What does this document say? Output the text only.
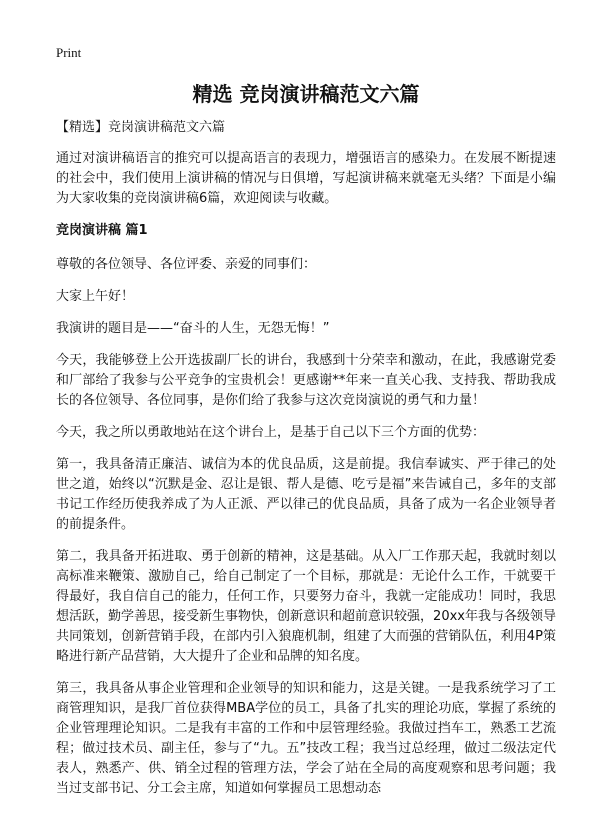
Print
精选 竞岗演讲稿范文六篇
【精选】竞岗演讲稿范文六篇

通过对演讲稿语言的推究可以提高语言的表现力，增强语言的感染力。在发展不断提速的社会中，我们使用上演讲稿的情况与日俱增，写起演讲稿来就毫无头绪？下面是小编为大家收集的竞岗演讲稿6篇，欢迎阅读与收藏。

竞岗演讲稿 篇1

尊敬的各位领导、各位评委、亲爱的同事们：

大家上午好！

我演讲的题目是——“奋斗的人生，无怨无悔！”

今天，我能够登上公开选拔副厂长的讲台，我感到十分荣幸和激动，在此，我感谢党委和厂部给了我参与公平竞争的宝贵机会！更感谢**年来一直关心我、支持我、帮助我成长的各位领导、各位同事，是你们给了我参与这次竞岗演说的勇气和力量！

今天，我之所以勇敢地站在这个讲台上，是基于自己以下三个方面的优势：

第一，我具备清正廉洁、诚信为本的优良品质，这是前提。我信奉诚实、严于律己的处世之道，始终以“沉默是金、忍让是银、帮人是德、吃亏是福”来告诫自己，多年的支部书记工作经历使我养成了为人正派、严以律己的优良品质，具备了成为一名企业领导者的前提条件。

第二，我具备开拓进取、勇于创新的精神，这是基础。从入厂工作那天起，我就时刻以高标准来鞭策、激励自己，给自己制定了一个目标，那就是：无论什么工作，干就要干得最好，我自信自己的能力，任何工作，只要努力奋斗，我就一定能成功！同时，我思想活跃，勤学善思，接受新生事物快，创新意识和超前意识较强，20xx年我与各级领导共同策划，创新营销手段，在部内引入狼鹿机制，组建了大而强的营销队伍，利用4P策略进行新产品营销，大大提升了企业和品牌的知名度。

第三，我具备从事企业管理和企业领导的知识和能力，这是关键。一是我系统学习了工商管理知识，是我厂首位获得MBA学位的员工，具备了扎实的理论功底，掌握了系统的企业管理理论知识。二是我有丰富的工作和中层管理经验。我做过挡车工，熟悉工艺流程；做过技术员、副主任，参与了“九。五”技改工程；我当过总经理，做过二级法定代表人，熟悉产、供、销全过程的管理方法，学会了站在全局的高度观察和思考问题；我当过支部书记、分工会主席，知道如何掌握员工思想动态
